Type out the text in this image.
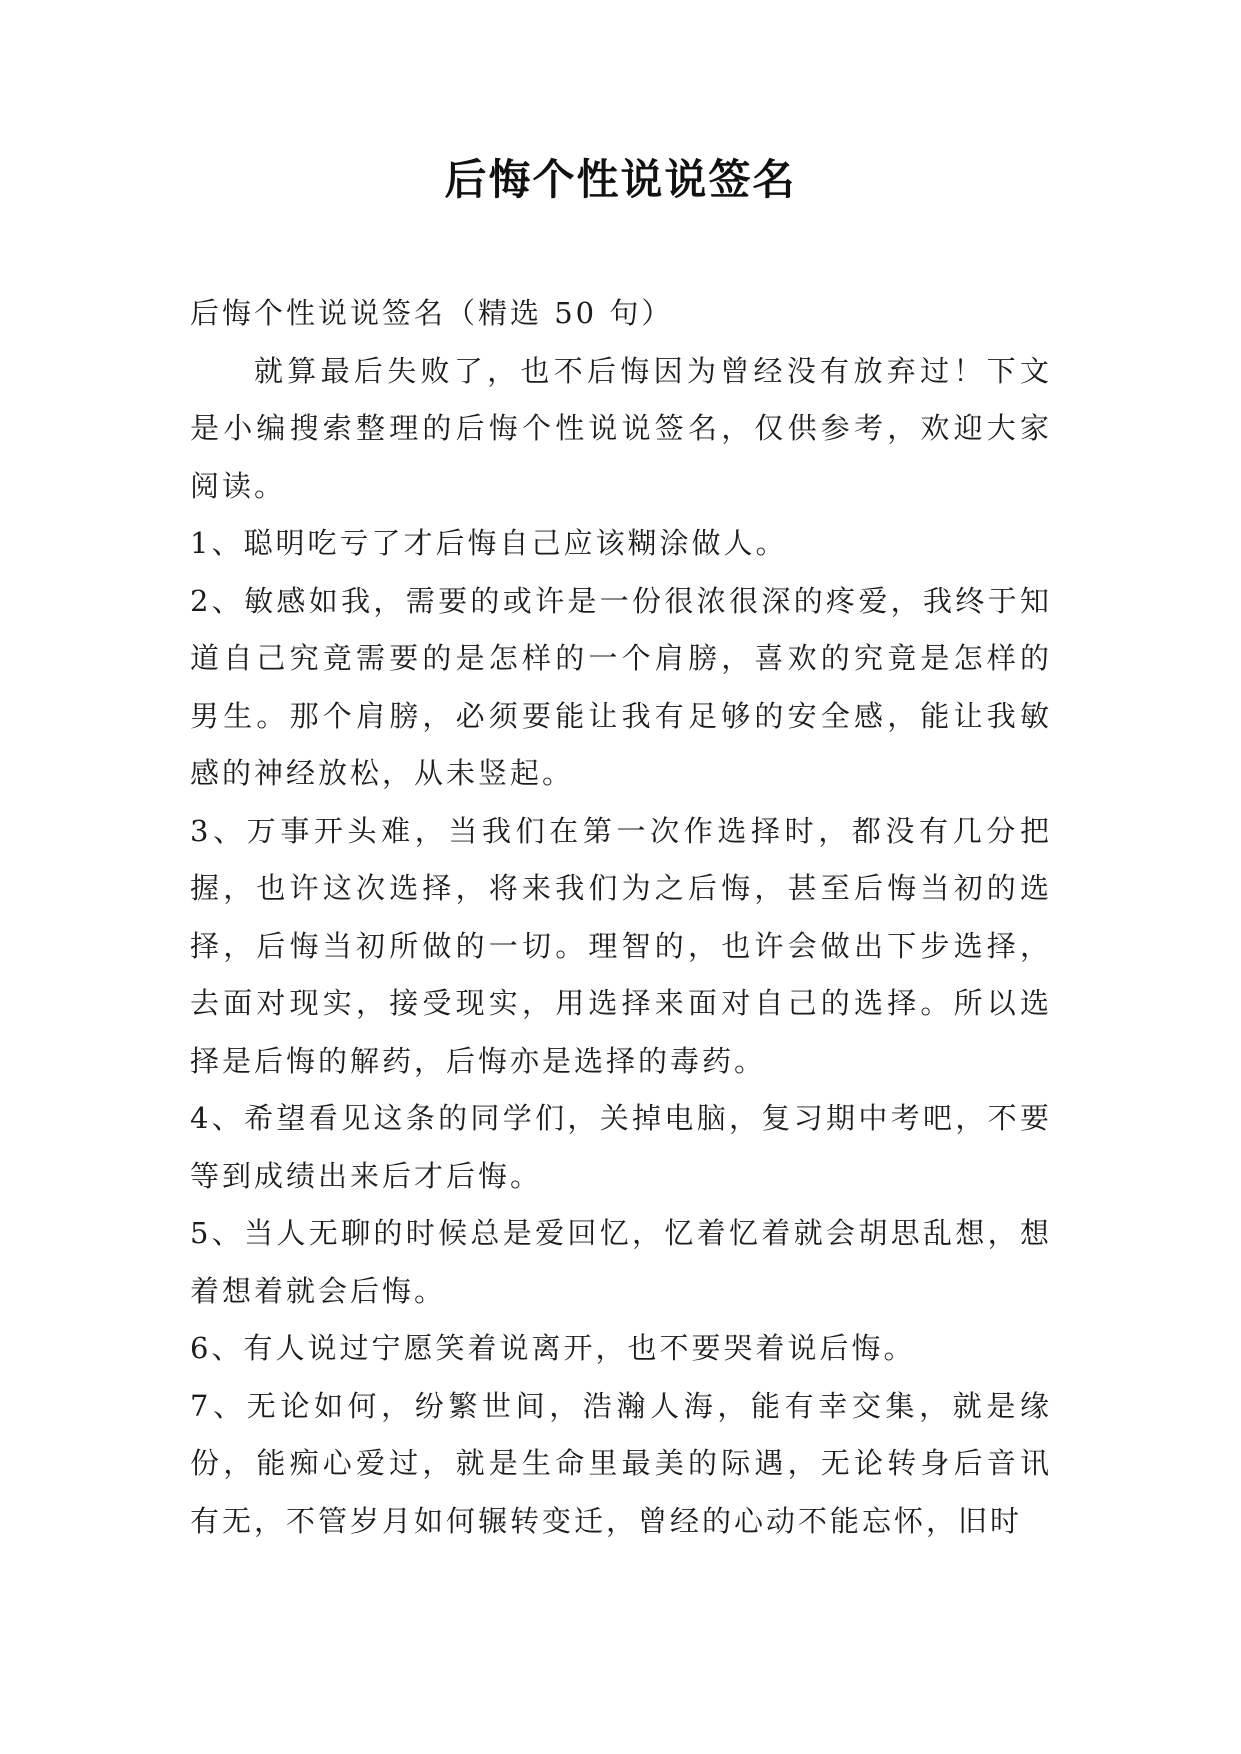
后悔个性说说签名

后悔个性说说签名（精选 50 句）

就算最后失败了，也不后悔因为曾经没有放弃过！下文是小编搜索整理的后悔个性说说签名，仅供参考，欢迎大家阅读。

1、聪明吃亏了才后悔自己应该糊涂做人。

2、敏感如我，需要的或许是一份很浓很深的疼爱，我终于知道自己究竟需要的是怎样的一个肩膀，喜欢的究竟是怎样的男生。那个肩膀，必须要能让我有足够的安全感，能让我敏感的神经放松，从未竖起。

3、万事开头难，当我们在第一次作选择时，都没有几分把握，也许这次选择，将来我们为之后悔，甚至后悔当初的选择，后悔当初所做的一切。理智的，也许会做出下步选择，去面对现实，接受现实，用选择来面对自己的选择。所以选择是后悔的解药，后悔亦是选择的毒药。

4、希望看见这条的同学们，关掉电脑，复习期中考吧，不要等到成绩出来后才后悔。

5、当人无聊的时候总是爱回忆，忆着忆着就会胡思乱想，想着想着就会后悔。

6、有人说过宁愿笑着说离开，也不要哭着说后悔。

7、无论如何，纷繁世间，浩瀚人海，能有幸交集，就是缘份，能痴心爱过，就是生命里最美的际遇，无论转身后音讯有无，不管岁月如何辗转变迁，曾经的心动不能忘怀，旧时
